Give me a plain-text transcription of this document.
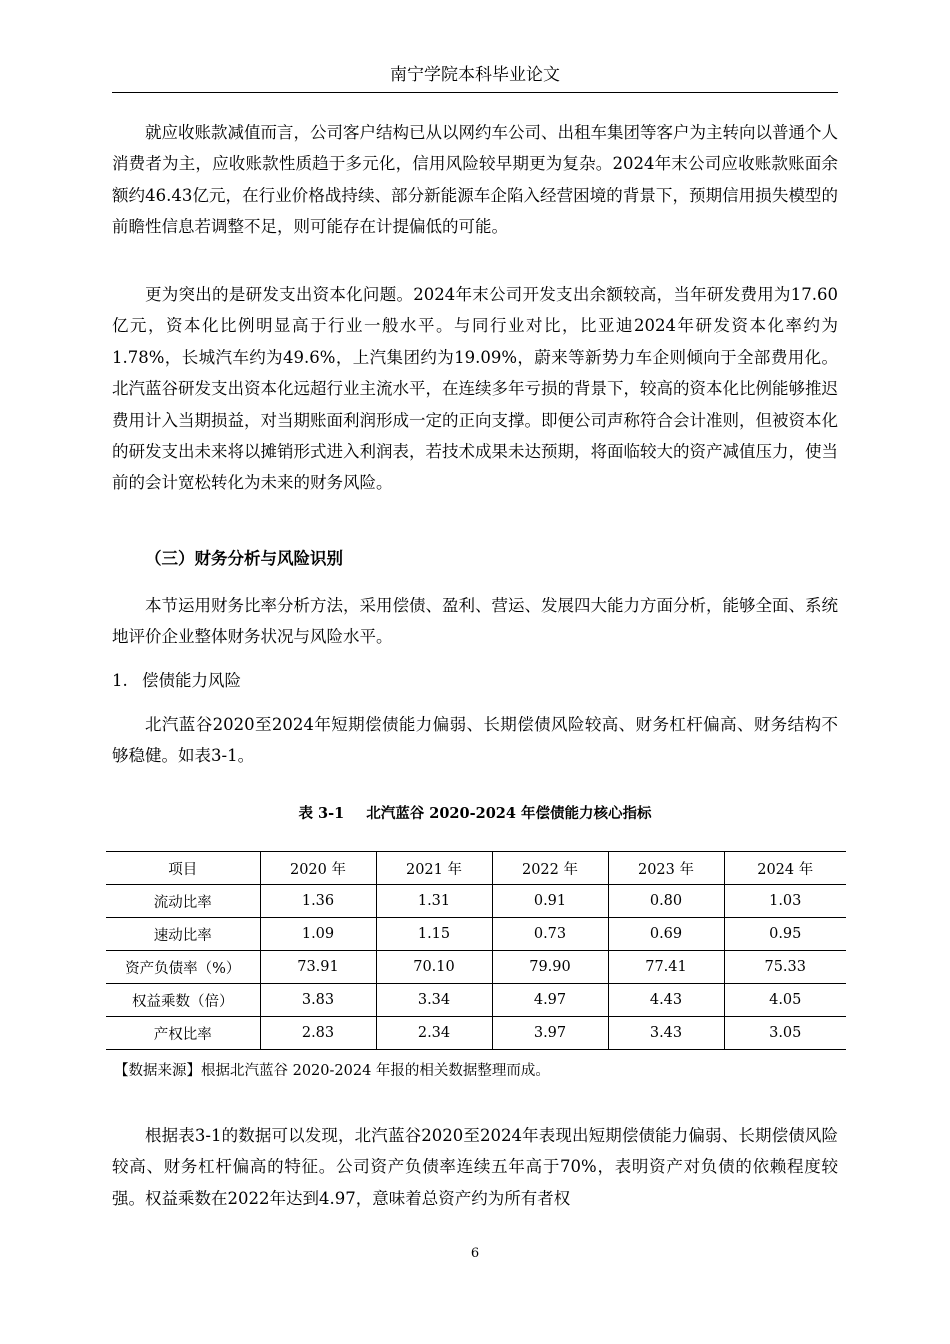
南宁学院本科毕业论文

就应收账款减值而言，公司客户结构已从以网约车公司、出租车集团等客户为主转向以普通个人消费者为主，应收账款性质趋于多元化，信用风险较早期更为复杂。2024年末公司应收账款账面余额约46.43亿元，在行业价格战持续、部分新能源车企陷入经营困境的背景下，预期信用损失模型的前瞻性信息若调整不足，则可能存在计提偏低的可能。

更为突出的是研发支出资本化问题。2024年末公司开发支出余额较高，当年研发费用为17.60亿元，资本化比例明显高于行业一般水平。与同行业对比，比亚迪2024年研发资本化率约为1.78%，长城汽车约为49.6%，上汽集团约为19.09%，蔚来等新势力车企则倾向于全部费用化。北汽蓝谷研发支出资本化远超行业主流水平，在连续多年亏损的背景下，较高的资本化比例能够推迟费用计入当期损益，对当期账面利润形成一定的正向支撑。即便公司声称符合会计准则，但被资本化的研发支出未来将以摊销形式进入利润表，若技术成果未达预期，将面临较大的资产减值压力，使当前的会计宽松转化为未来的财务风险。

（三）财务分析与风险识别

本节运用财务比率分析方法，采用偿债、盈利、营运、发展四大能力方面分析，能够全面、系统地评价企业整体财务状况与风险水平。

1. 偿债能力风险

北汽蓝谷2020至2024年短期偿债能力偏弱、长期偿债风险较高、财务杠杆偏高、财务结构不够稳健。如表3-1。

表 3-1 北汽蓝谷 2020-2024 年偿债能力核心指标
项目	2020 年	2021 年	2022 年	2023 年	2024 年
流动比率	1.36	1.31	0.91	0.80	1.03
速动比率	1.09	1.15	0.73	0.69	0.95
资产负债率（%）	73.91	70.10	79.90	77.41	75.33
权益乘数（倍）	3.83	3.34	4.97	4.43	4.05
产权比率	2.83	2.34	3.97	3.43	3.05
【数据来源】根据北汽蓝谷 2020-2024 年报的相关数据整理而成。

根据表3-1的数据可以发现，北汽蓝谷2020至2024年表现出短期偿债能力偏弱、长期偿债风险较高、财务杠杆偏高的特征。公司资产负债率连续五年高于70%，表明资产对负债的依赖程度较强。权益乘数在2022年达到4.97，意味着总资产约为所有者权

6
